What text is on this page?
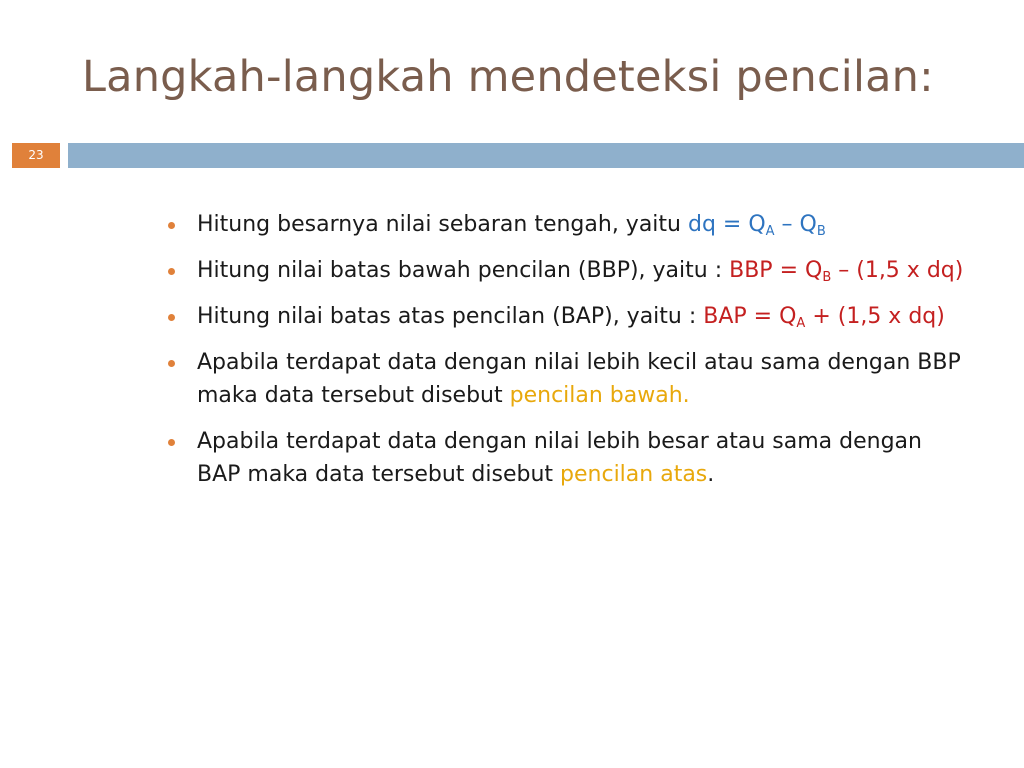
Langkah-langkah mendeteksi pencilan:
23
Hitung besarnya nilai sebaran tengah, yaitu dq = $Q_A - Q_B$
Hitung nilai batas bawah pencilan (BBP), yaitu : BBP = $Q_B - (1,5$ x dq)
Hitung nilai batas atas pencilan (BAP), yaitu : BAP = $Q_A + (1,5$ x dq)
Apabila terdapat data dengan nilai lebih kecil atau sama dengan BBP maka data tersebut disebut pencilan bawah.
Apabila terdapat data dengan nilai lebih besar atau sama dengan BAP maka data tersebut disebut pencilan atas.
